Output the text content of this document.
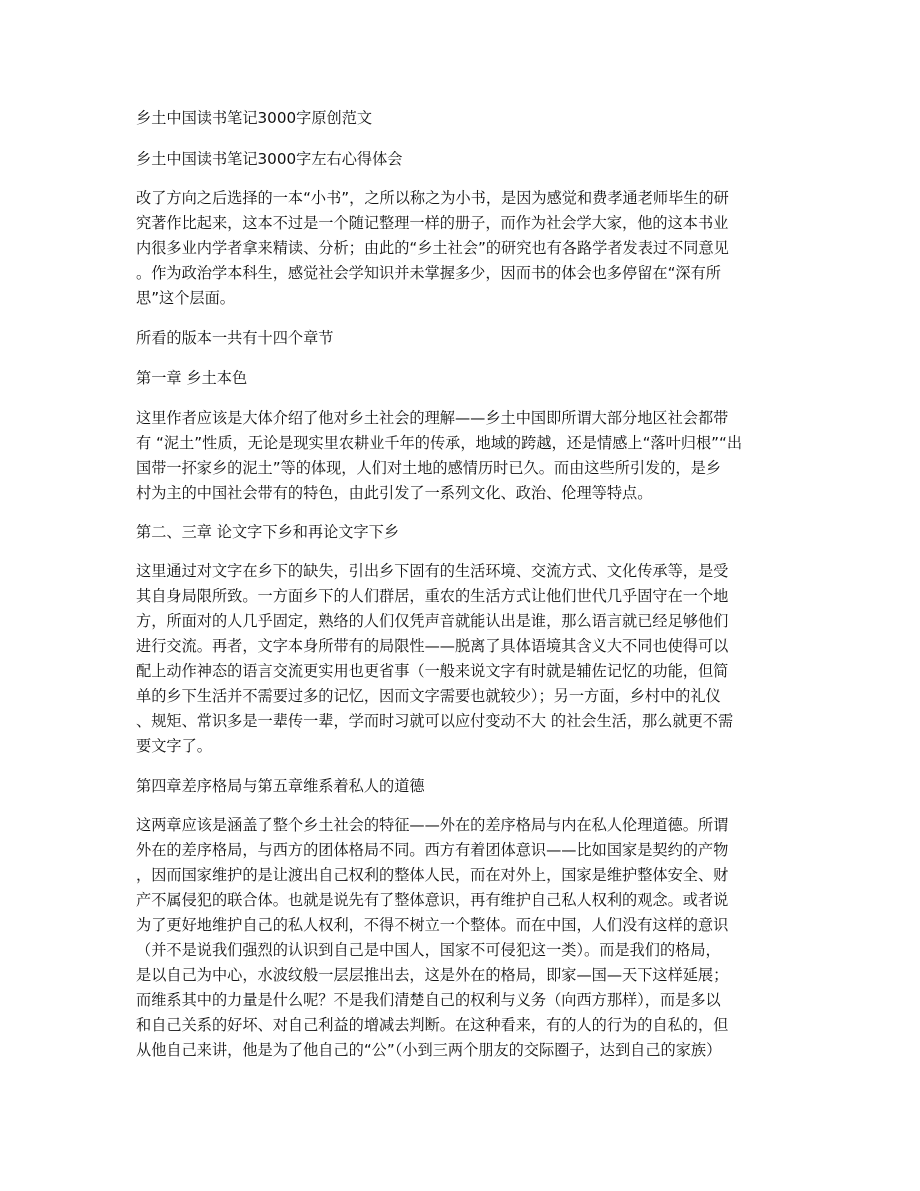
乡土中国读书笔记3000字原创范文

乡土中国读书笔记3000字左右心得体会

改了方向之后选择的一本“小书”，之所以称之为小书，是因为感觉和费孝通老师毕生的研

究著作比起来，这本不过是一个随记整理一样的册子，而作为社会学大家，他的这本书业

内很多业内学者拿来精读、分析；由此的“乡土社会”的研究也有各路学者发表过不同意见

。作为政治学本科生，感觉社会学知识并未掌握多少，因而书的体会也多停留在“深有所

思”这个层面。

所看的版本一共有十四个章节

第一章 乡土本色

这里作者应该是大体介绍了他对乡土社会的理解——乡土中国即所谓大部分地区社会都带

有 “泥土”性质，无论是现实里农耕业千年的传承，地域的跨越，还是情感上“落叶归根”“出

国带一抔家乡的泥土”等的体现，人们对土地的感情历时已久。而由这些所引发的，是乡

村为主的中国社会带有的特色，由此引发了一系列文化、政治、伦理等特点。

第二、三章 论文字下乡和再论文字下乡

这里通过对文字在乡下的缺失，引出乡下固有的生活环境、交流方式、文化传承等，是受

其自身局限所致。一方面乡下的人们群居，重农的生活方式让他们世代几乎固守在一个地

方，所面对的人几乎固定，熟络的人们仅凭声音就能认出是谁，那么语言就已经足够他们

进行交流。再者，文字本身所带有的局限性——脱离了具体语境其含义大不同也使得可以

配上动作神态的语言交流更实用也更省事（一般来说文字有时就是辅佐记忆的功能，但简

单的乡下生活并不需要过多的记忆，因而文字需要也就较少）；另一方面，乡村中的礼仪

、规矩、常识多是一辈传一辈，学而时习就可以应付变动不大 的社会生活，那么就更不需

要文字了。

第四章差序格局与第五章维系着私人的道德

这两章应该是涵盖了整个乡土社会的特征——外在的差序格局与内在私人伦理道德。所谓

外在的差序格局，与西方的团体格局不同。西方有着团体意识——比如国家是契约的产物

，因而国家维护的是让渡出自己权利的整体人民，而在对外上，国家是维护整体安全、财

产不属侵犯的联合体。也就是说先有了整体意识，再有维护自己私人权利的观念。或者说

为了更好地维护自己的私人权利，不得不树立一个整体。而在中国，人们没有这样的意识

（并不是说我们强烈的认识到自己是中国人，国家不可侵犯这一类）。而是我们的格局，

是以自己为中心，水波纹般一层层推出去，这是外在的格局，即家—国—天下这样延展；

而维系其中的力量是什么呢？不是我们清楚自己的权利与义务（向西方那样），而是多以

和自己关系的好坏、对自己利益的增减去判断。在这种看来，有的人的行为的自私的，但

从他自己来讲，他是为了他自己的“公”（小到三两个朋友的交际圈子，达到自己的家族）
